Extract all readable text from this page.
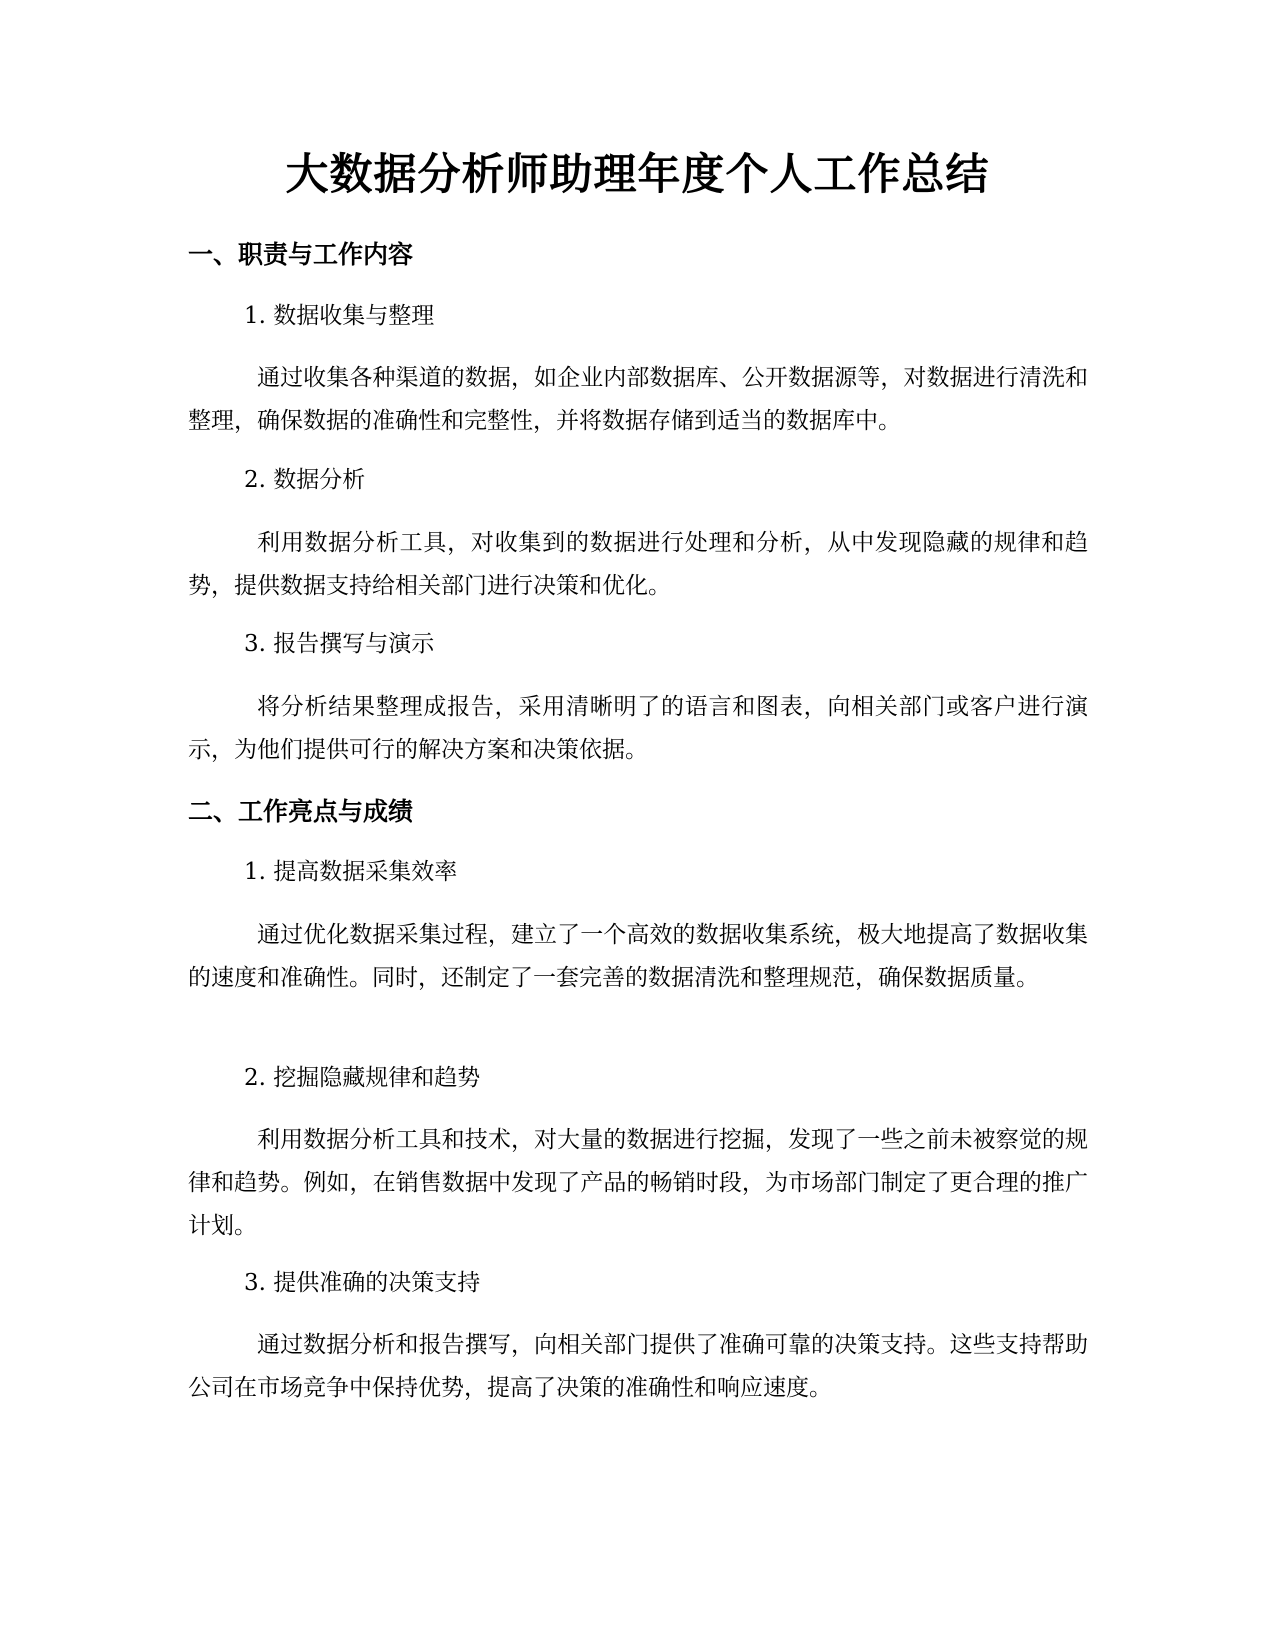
大数据分析师助理年度个人工作总结
一、职责与工作内容
1. 数据收集与整理

通过收集各种渠道的数据，如企业内部数据库、公开数据源等，对数据进行清洗和整理，确保数据的准确性和完整性，并将数据存储到适当的数据库中。

2. 数据分析

利用数据分析工具，对收集到的数据进行处理和分析，从中发现隐藏的规律和趋势，提供数据支持给相关部门进行决策和优化。

3. 报告撰写与演示

将分析结果整理成报告，采用清晰明了的语言和图表，向相关部门或客户进行演示，为他们提供可行的解决方案和决策依据。

二、工作亮点与成绩
1. 提高数据采集效率

通过优化数据采集过程，建立了一个高效的数据收集系统，极大地提高了数据收集的速度和准确性。同时，还制定了一套完善的数据清洗和整理规范，确保数据质量。

2. 挖掘隐藏规律和趋势

利用数据分析工具和技术，对大量的数据进行挖掘，发现了一些之前未被察觉的规律和趋势。例如，在销售数据中发现了产品的畅销时段，为市场部门制定了更合理的推广计划。

3. 提供准确的决策支持

通过数据分析和报告撰写，向相关部门提供了准确可靠的决策支持。这些支持帮助公司在市场竞争中保持优势，提高了决策的准确性和响应速度。
